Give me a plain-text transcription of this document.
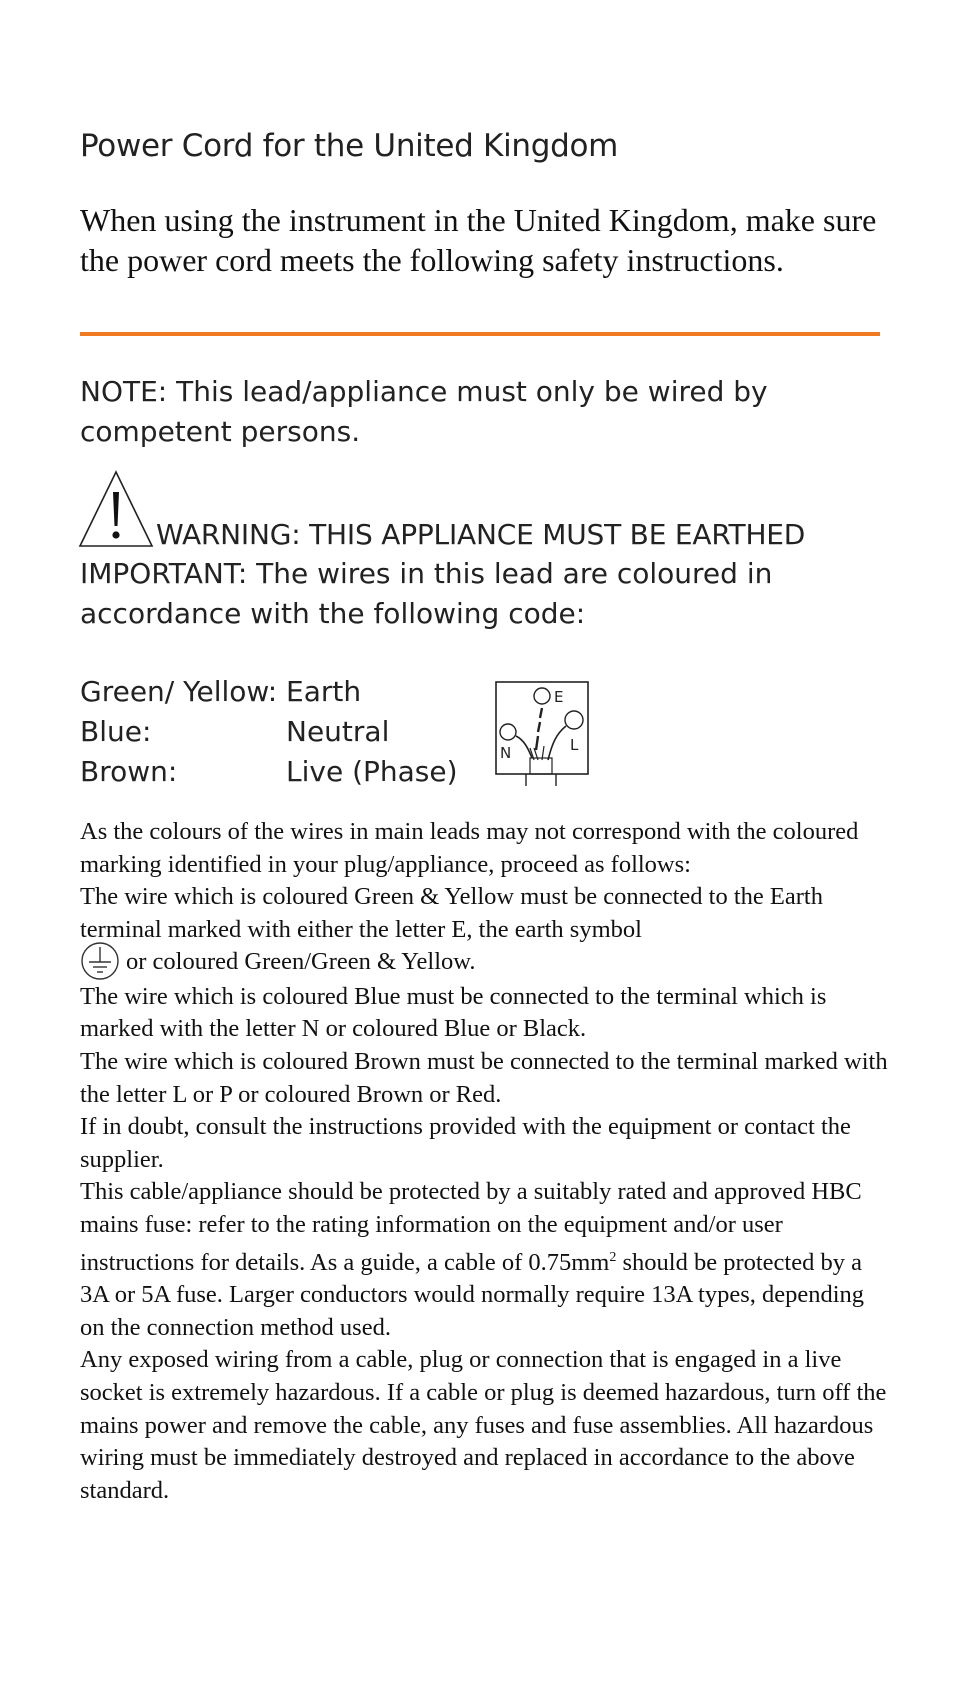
Power Cord for the United Kingdom

When using the instrument in the United Kingdom, make sure the power cord meets the following safety instructions.

NOTE: This lead/appliance must only be wired by competent persons.

WARNING: THIS APPLIANCE MUST BE EARTHED

IMPORTANT: The wires in this lead are coloured in accordance with the following code:

Green/ Yellow: Earth
Blue:	Neutral
Brown:	Live (Phase)
E
N	L

As the colours of the wires in main leads may not correspond with the coloured marking identified in your plug/appliance, proceed as follows:

The wire which is coloured Green & Yellow must be connected to the Earth terminal marked with either the letter E, the earth symbol
or coloured Green/Green & Yellow.

The wire which is coloured Blue must be connected to the terminal which is marked with the letter N or coloured Blue or Black.

The wire which is coloured Brown must be connected to the terminal marked with the letter L or P or coloured Brown or Red.

If in doubt, consult the instructions provided with the equipment or contact the supplier.

This cable/appliance should be protected by a suitably rated and approved HBC mains fuse: refer to the rating information on the equipment and/or user instructions for details. As a guide, a cable of $0.75mm^2$ should be protected by a 3A or 5A fuse. Larger conductors would normally require 13A types, depending on the connection method used.

Any exposed wiring from a cable, plug or connection that is engaged in a live socket is extremely hazardous. If a cable or plug is deemed hazardous, turn off the mains power and remove the cable, any fuses and fuse assemblies. All hazardous wiring must be immediately destroyed and replaced in accordance to the above standard.
